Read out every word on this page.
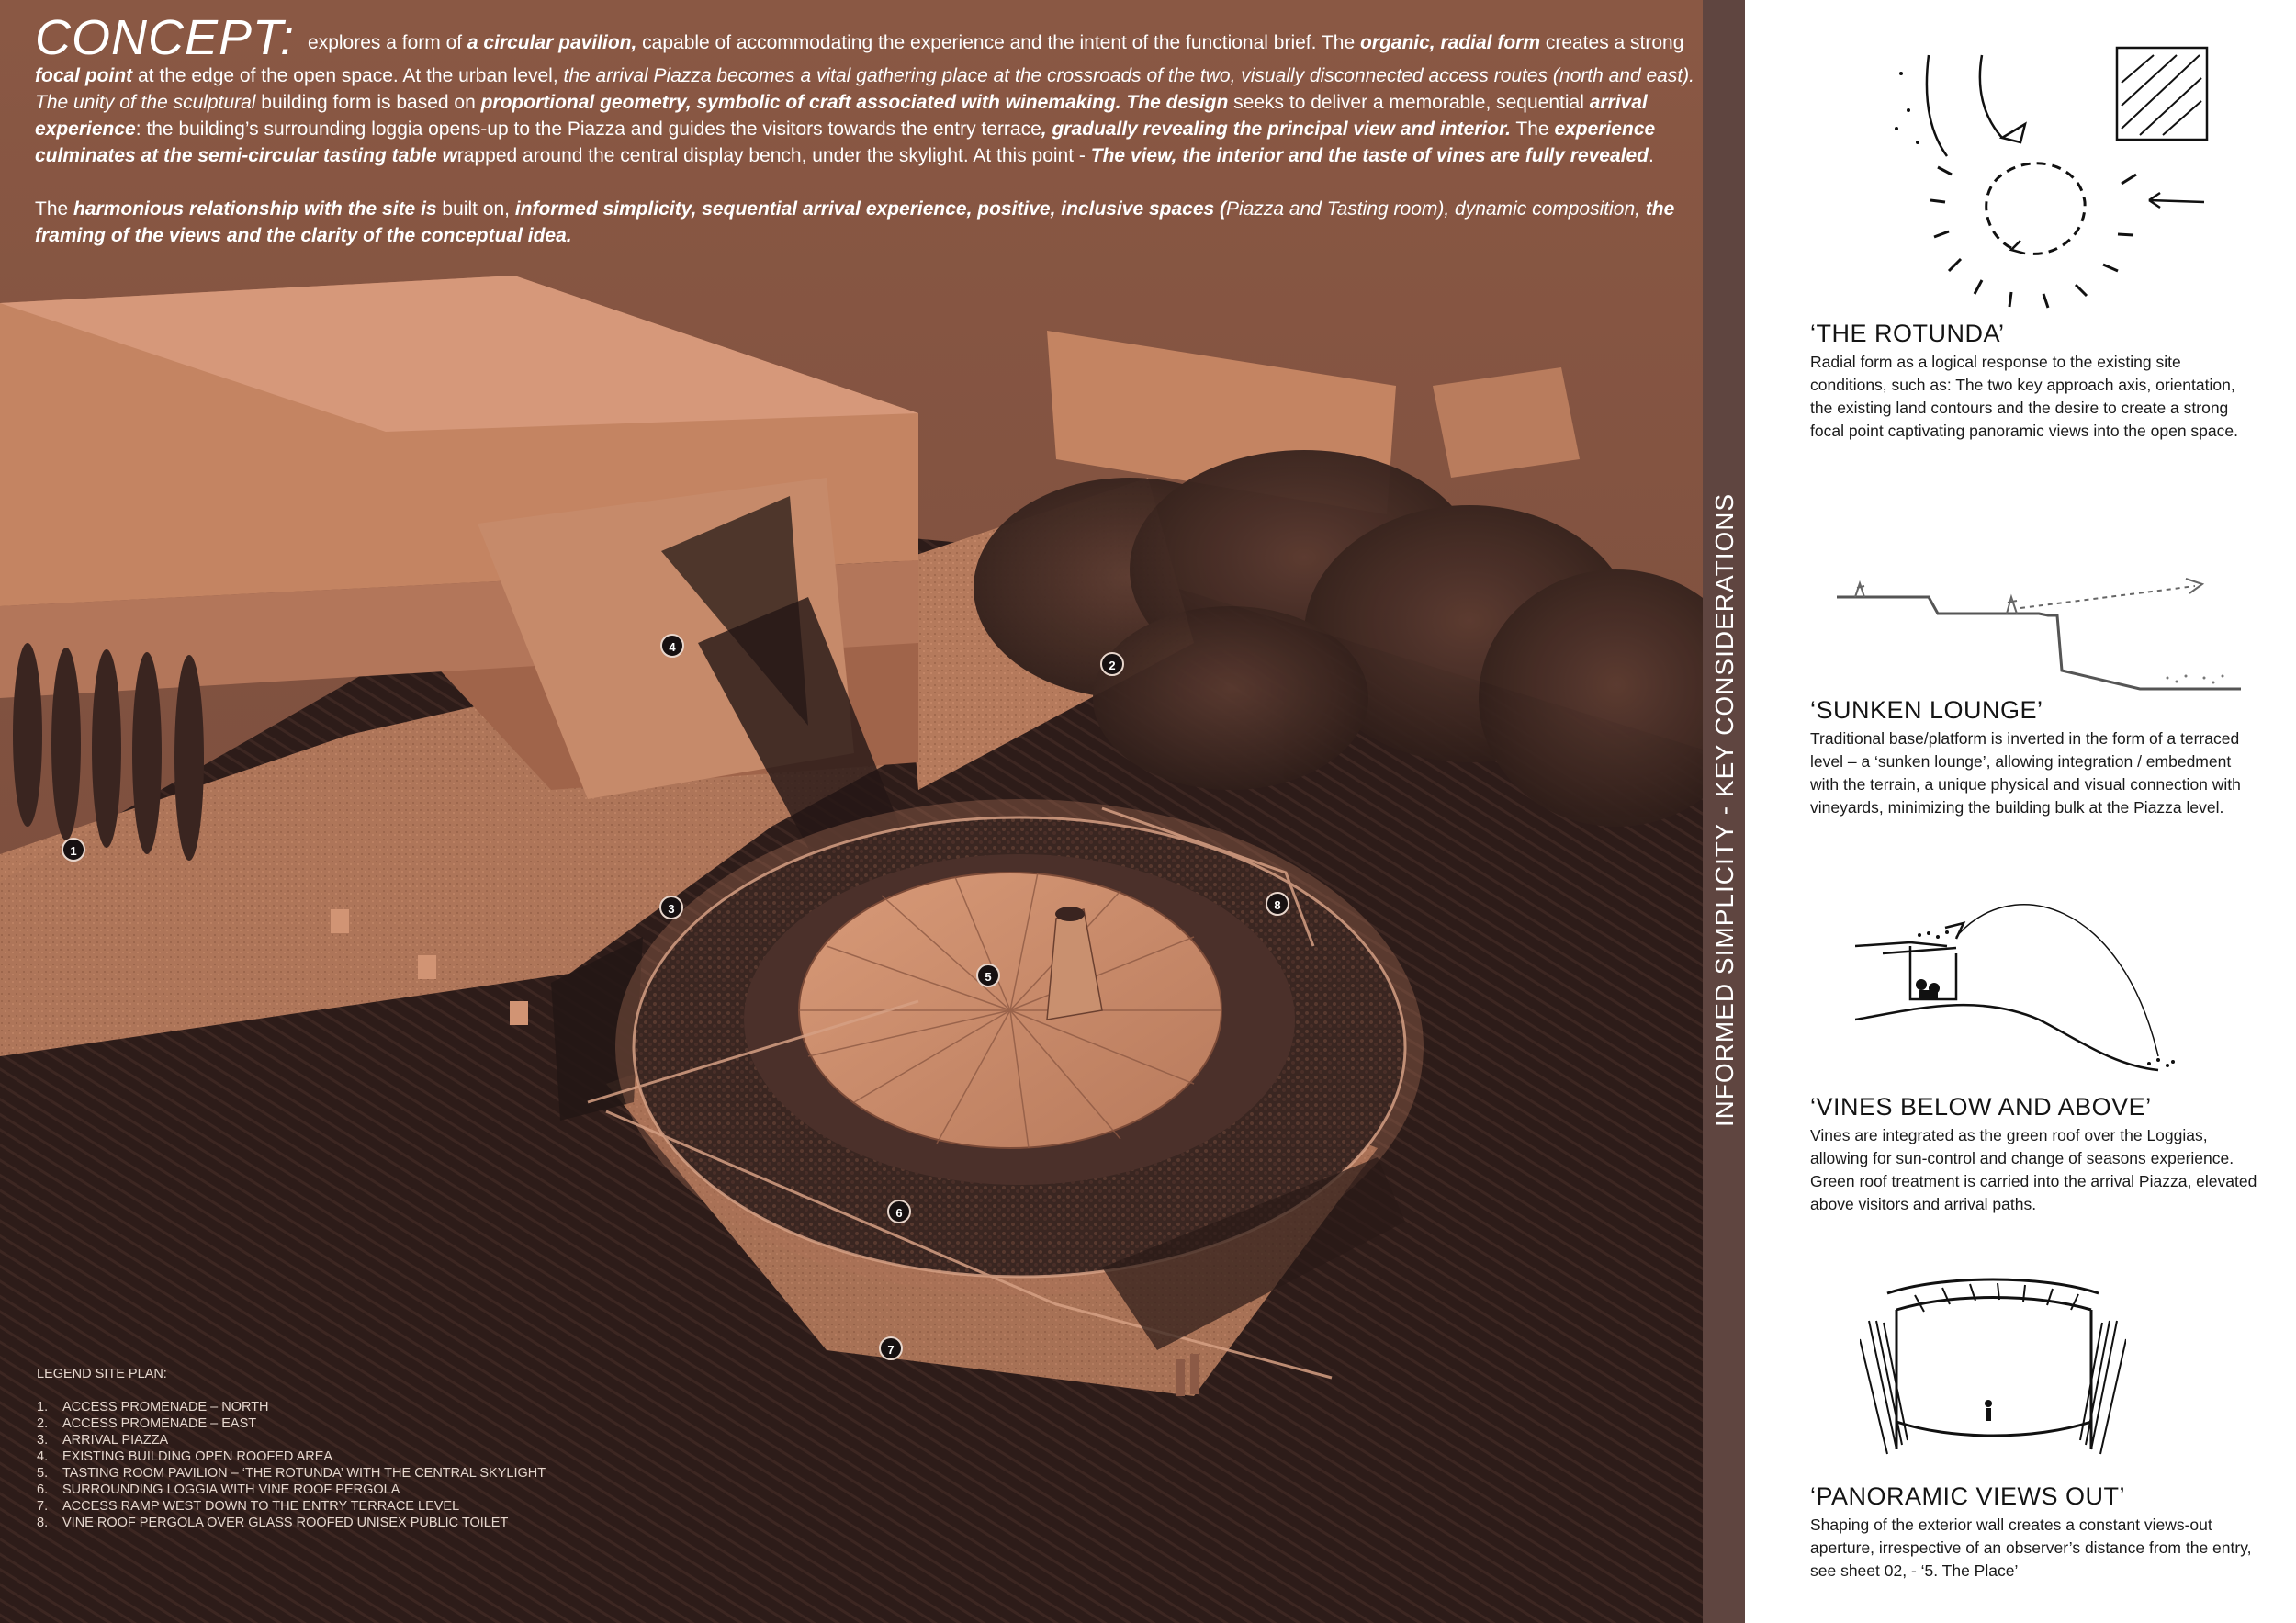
CONCEPT: explores a form of a circular pavilion, capable of accommodating the experience and the intent of the functional brief. The organic, radial form creates a strong focal point at the edge of the open space. At the urban level, the arrival Piazza becomes a vital gathering place at the crossroads of the two, visually disconnected access routes (north and east). The unity of the sculptural building form is based on proportional geometry, symbolic of craft associated with winemaking. The design seeks to deliver a memorable, sequential arrival experience: the building’s surrounding loggia opens-up to the Piazza and guides the visitors towards the entry terrace, gradually revealing the principal view and interior. The experience culminates at the semi-circular tasting table wrapped around the central display bench, under the skylight. At this point - The view, the interior and the taste of vines are fully revealed.

The harmonious relationship with the site is built on, informed simplicity, sequential arrival experience, positive, inclusive spaces (Piazza and Tasting room), dynamic composition, the framing of the views and the clarity of the conceptual idea.

1
2
3
4
5
6
7
8
LEGEND SITE PLAN:
1.	ACCESS PROMENADE – NORTH
2.	ACCESS PROMENADE – EAST
3.	ARRIVAL PIAZZA
4.	EXISTING BUILDING OPEN ROOFED AREA
5.	TASTING ROOM PAVILION – ‘THE ROTUNDA’ WITH THE CENTRAL SKYLIGHT
6.	SURROUNDING LOGGIA WITH VINE ROOF PERGOLA
7.	ACCESS RAMP WEST DOWN TO THE ENTRY TERRACE LEVEL
8.	VINE ROOF PERGOLA OVER GLASS ROOFED UNISEX PUBLIC TOILET
INFORMED SIMPLICITY - KEY CONSIDERATIONS
‘THE ROTUNDA’
Radial form as a logical response to the existing site conditions, such as: The two key approach axis, orientation, the existing land contours and the desire to create a strong focal point captivating panoramic views into the open space.
‘SUNKEN LOUNGE’
Traditional base/platform is inverted in the form of a terraced level – a ‘sunken lounge’, allowing integration / embedment with the terrain, a unique physical and visual connection with vineyards, minimizing the building bulk at the Piazza level.
‘VINES BELOW AND ABOVE’
Vines are integrated as the green roof over the Loggias, allowing for sun-control and change of seasons experience. Green roof treatment is carried into the arrival Piazza, elevated above visitors and arrival paths.
‘PANORAMIC VIEWS OUT’
Shaping of the exterior wall creates a constant views-out aperture, irrespective of an observer’s distance from the entry, see sheet 02, - ‘5. The Place’
